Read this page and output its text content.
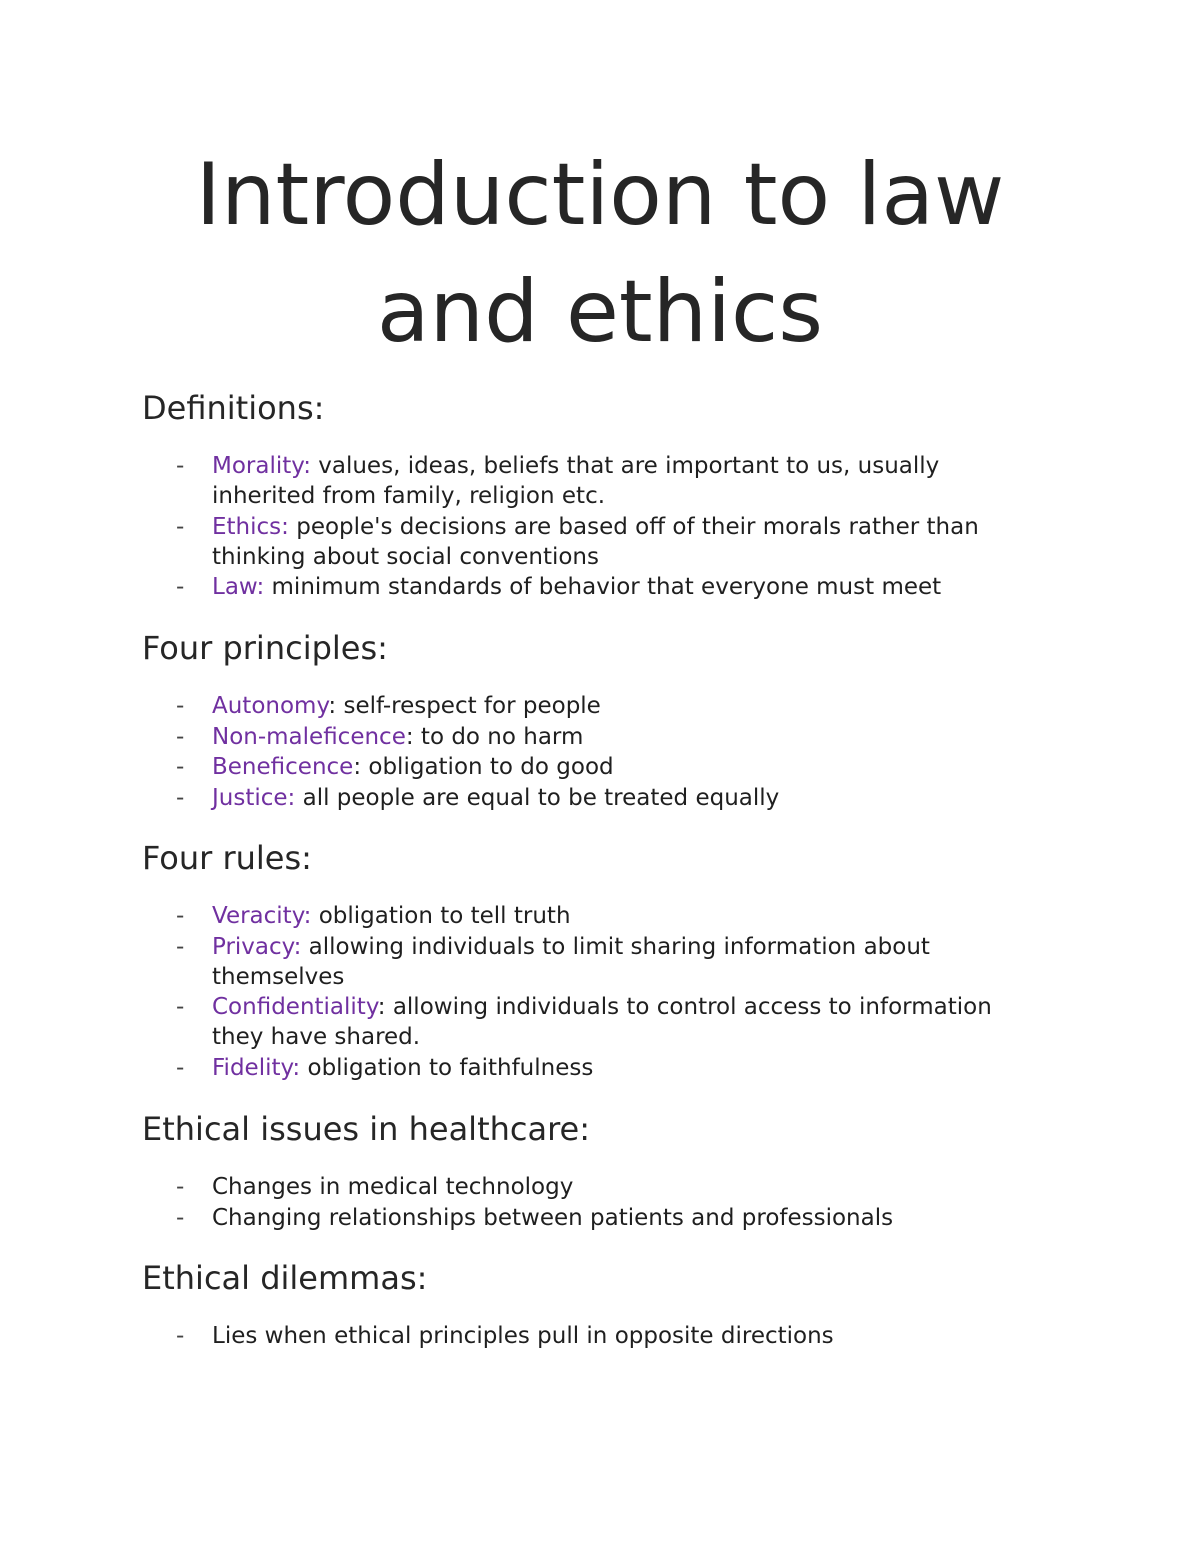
Introduction to law
and ethics
Definitions:
- Morality: values, ideas, beliefs that are important to us, usually
inherited from family, religion etc.
- Ethics: people's decisions are based off of their morals rather than
thinking about social conventions
- Law: minimum standards of behavior that everyone must meet
Four principles:
- Autonomy: self-respect for people
- Non-maleficence: to do no harm
- Beneficence: obligation to do good
- Justice: all people are equal to be treated equally
Four rules:
- Veracity: obligation to tell truth
- Privacy: allowing individuals to limit sharing information about
themselves
- Confidentiality: allowing individuals to control access to information
they have shared.
- Fidelity: obligation to faithfulness
Ethical issues in healthcare:
- Changes in medical technology
- Changing relationships between patients and professionals
Ethical dilemmas:
- Lies when ethical principles pull in opposite directions
